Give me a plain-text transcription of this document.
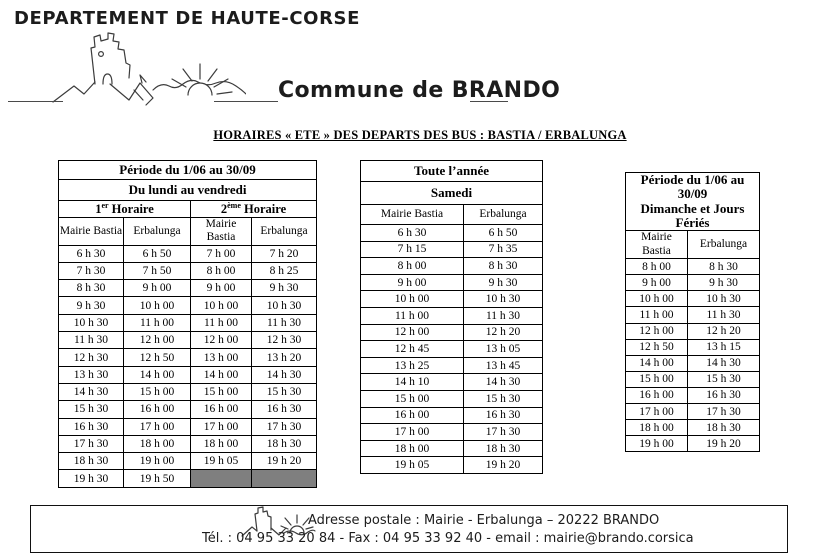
DEPARTEMENT DE HAUTE-CORSE
Commune de BRANDO
HORAIRES « ETE » DES DEPARTS DES BUS : BASTIA / ERBALUNGA
Période du 1/06 au 30/09			
Du lundi au vendredi			
1er Horaire		2ème Horaire	
Mairie Bastia	Erbalunga	Mairie Bastia	Erbalunga
6 h 30	6 h 50	7 h 00	7 h 20
7 h 30	7 h 50	8 h 00	8 h 25
8 h 30	9 h 00	9 h 00	9 h 30
9 h 30	10 h 00	10 h 00	10 h 30
10 h 30	11 h 00	11 h 00	11 h 30
11 h 30	12 h 00	12 h 00	12 h 30
12 h 30	12 h 50	13 h 00	13 h 20
13 h 30	14 h 00	14 h 00	14 h 30
14 h 30	15 h 00	15 h 00	15 h 30
15 h 30	16 h 00	16 h 00	16 h 30
16 h 30	17 h 00	17 h 00	17 h 30
17 h 30	18 h 00	18 h 00	18 h 30
18 h 30	19 h 00	19 h 05	19 h 20
19 h 30	19 h 50		
Toute l’année	
Samedi	
Mairie Bastia	Erbalunga
6 h 30	6 h 50
7 h 15	7 h 35
8 h 00	8 h 30
9 h 00	9 h 30
10 h 00	10 h 30
11 h 00	11 h 30
12 h 00	12 h 20
12 h 45	13 h 05
13 h 25	13 h 45
14 h 10	14 h 30
15 h 00	15 h 30
16 h 00	16 h 30
17 h 00	17 h 30
18 h 00	18 h 30
19 h 05	19 h 20
Période du 1/06 au 30/09
Dimanche et Jours Fériés	

Mairie Bastia	Erbalunga
8 h 00	8 h 30
9 h 00	9 h 30
10 h 00	10 h 30
11 h 00	11 h 30
12 h 00	12 h 20
12 h 50	13 h 15
14 h 00	14 h 30
15 h 00	15 h 30
16 h 00	16 h 30
17 h 00	17 h 30
18 h 00	18 h 30
19 h 00	19 h 20
Adresse postale : Mairie - Erbalunga – 20222 BRANDO
Tél. : 04 95 33 20 84 - Fax : 04 95 33 92 40 - email : mairie@brando.corsica
